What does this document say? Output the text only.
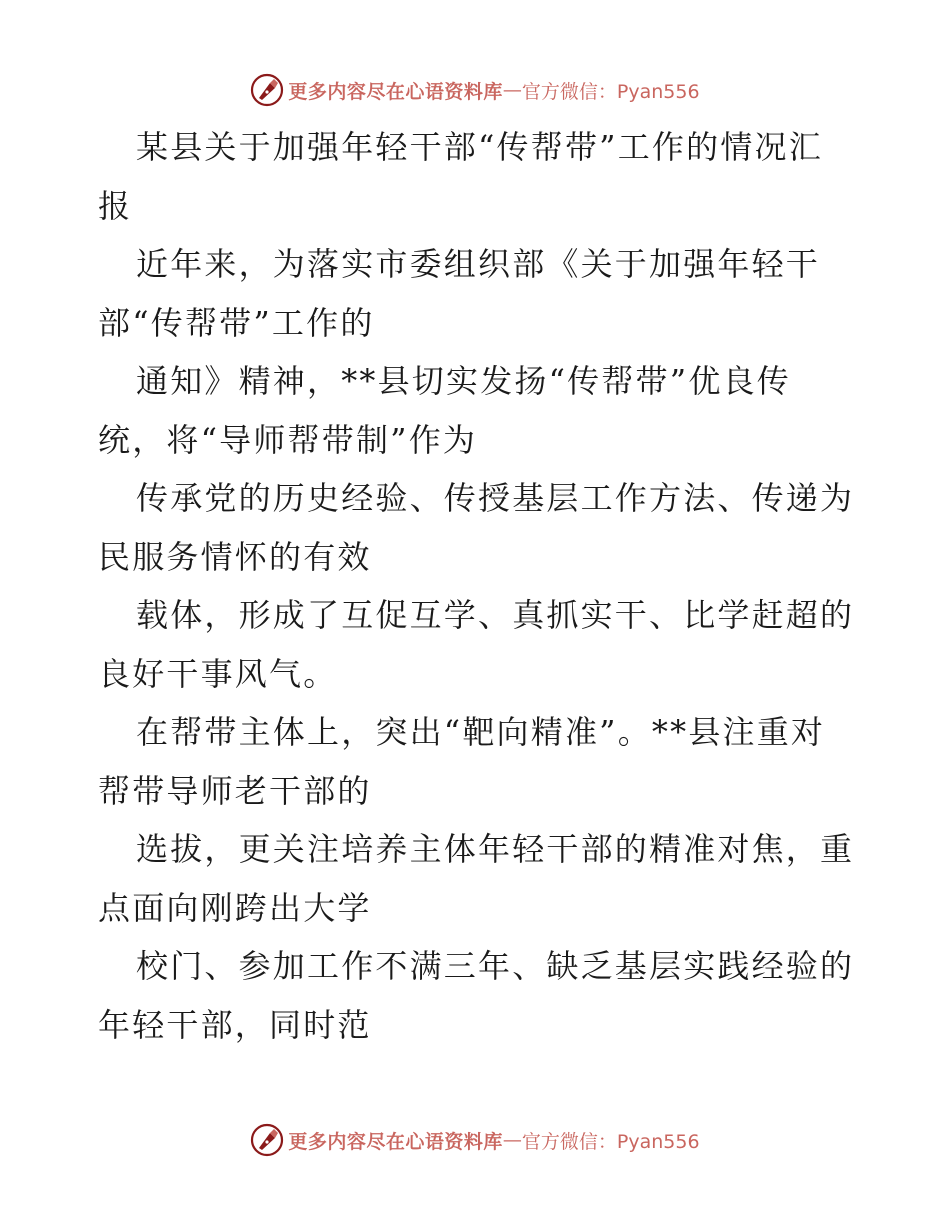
更多内容尽在心语资料库 — 官方微信：Pyan556
某县关于加强年轻干部“传帮带”工作的情况汇
报
近年来，为落实市委组织部《关于加强年轻干
部“传帮带”工作的
通知》精神，**县切实发扬“传帮带”优良传
统，将“导师帮带制”作为
传承党的历史经验、传授基层工作方法、传递为
民服务情怀的有效
载体，形成了互促互学、真抓实干、比学赶超的
良好干事风气。
在帮带主体上，突出“靶向精准”。**县注重对
帮带导师老干部的
选拔，更关注培养主体年轻干部的精准对焦，重
点面向刚跨出大学
校门、参加工作不满三年、缺乏基层实践经验的
年轻干部，同时范
更多内容尽在心语资料库 — 官方微信：Pyan556
